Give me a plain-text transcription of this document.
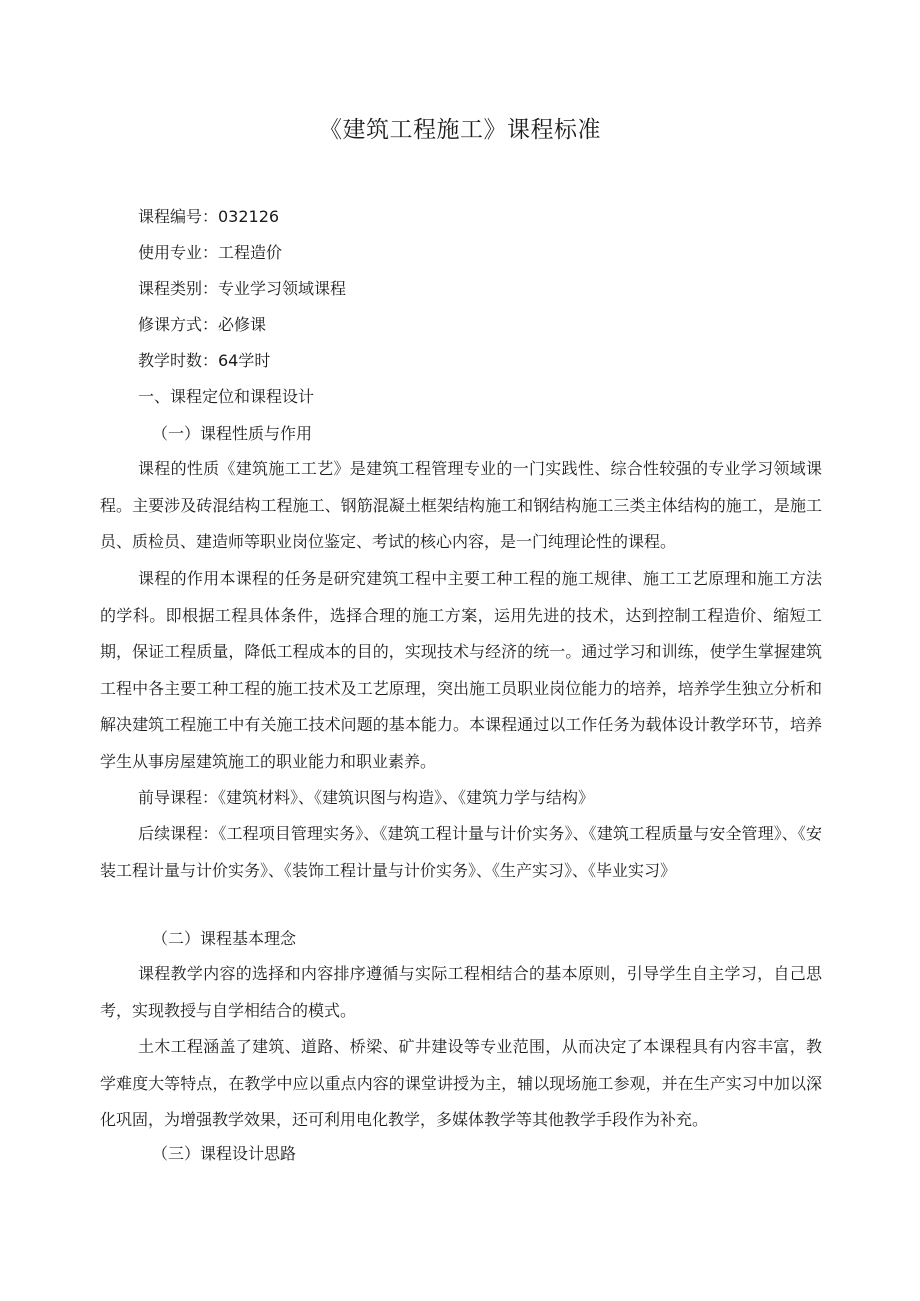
《建筑工程施工》课程标准
课程编号：032126
使用专业：工程造价
课程类别：专业学习领域课程
修课方式：必修课
教学时数：64学时
一、课程定位和课程设计
（一）课程性质与作用

课程的性质《建筑施工工艺》是建筑工程管理专业的一门实践性、综合性较强的专业学习领域课程。主要涉及砖混结构工程施工、钢筋混凝土框架结构施工和钢结构施工三类主体结构的施工，是施工员、质检员、建造师等职业岗位鉴定、考试的核心内容，是一门纯理论性的课程。

课程的作用本课程的任务是研究建筑工程中主要工种工程的施工规律、施工工艺原理和施工方法的学科。即根据工程具体条件，选择合理的施工方案，运用先进的技术，达到控制工程造价、缩短工期，保证工程质量，降低工程成本的目的，实现技术与经济的统一。通过学习和训练，使学生掌握建筑工程中各主要工种工程的施工技术及工艺原理，突出施工员职业岗位能力的培养，培养学生独立分析和解决建筑工程施工中有关施工技术问题的基本能力。本课程通过以工作任务为载体设计教学环节，培养学生从事房屋建筑施工的职业能力和职业素养。

前导课程：《建筑材料》、《建筑识图与构造》、《建筑力学与结构》

后续课程：《工程项目管理实务》、《建筑工程计量与计价实务》、《建筑工程质量与安全管理》、《安装工程计量与计价实务》、《装饰工程计量与计价实务》、《生产实习》、《毕业实习》

（二）课程基本理念

课程教学内容的选择和内容排序遵循与实际工程相结合的基本原则，引导学生自主学习，自己思考，实现教授与自学相结合的模式。

土木工程涵盖了建筑、道路、桥梁、矿井建设等专业范围，从而决定了本课程具有内容丰富，教学难度大等特点，在教学中应以重点内容的课堂讲授为主，辅以现场施工参观，并在生产实习中加以深化巩固，为增强教学效果，还可利用电化教学，多媒体教学等其他教学手段作为补充。

（三）课程设计思路
